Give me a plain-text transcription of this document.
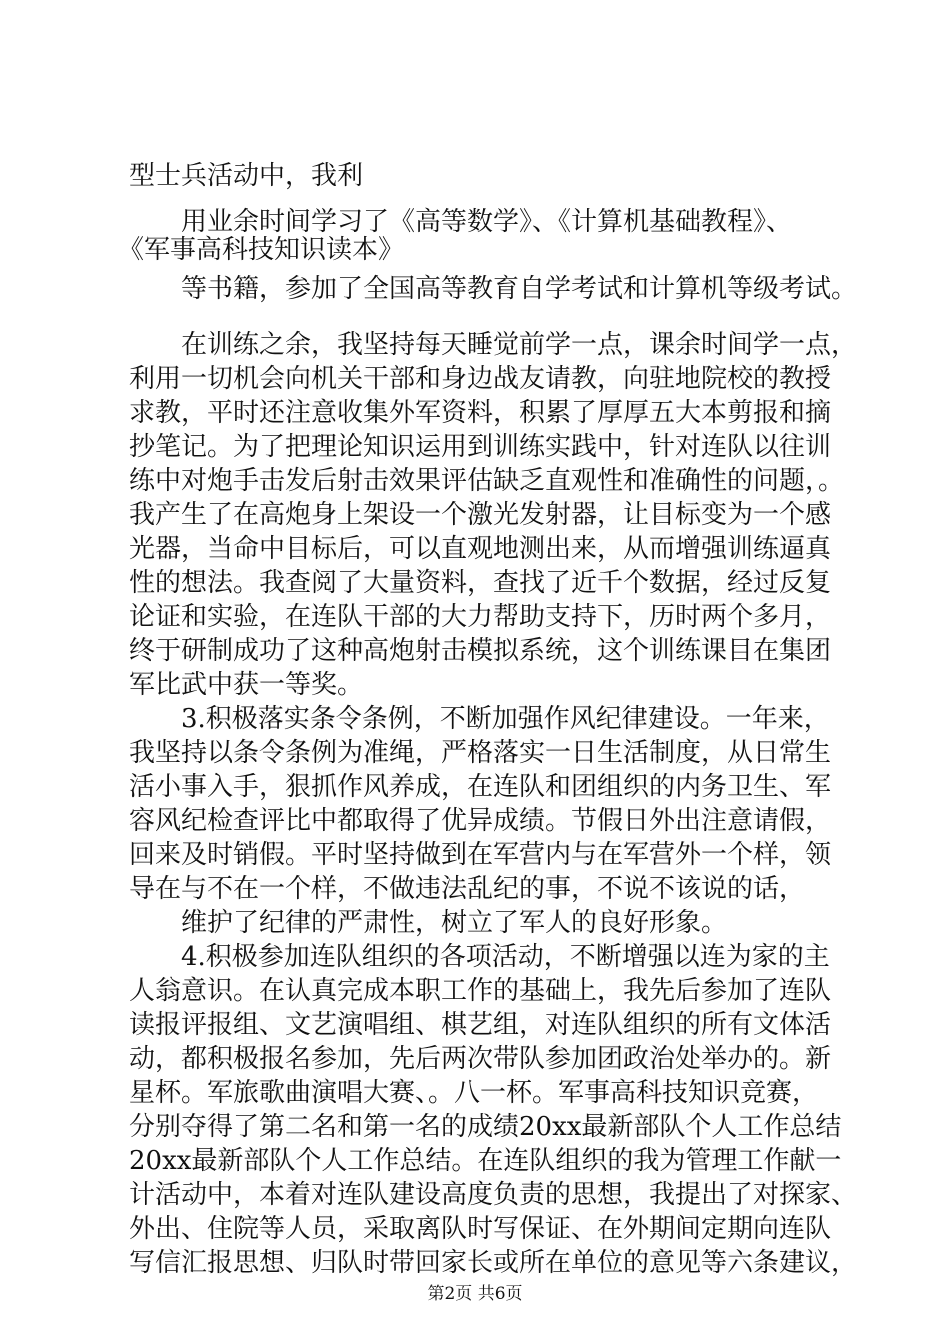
型士兵活动中，我利
用业余时间学习了《高等数学》、《计算机基础教程》、
《军事高科技知识读本》
等书籍，参加了全国高等教育自学考试和计算机等级考试。
在训练之余，我坚持每天睡觉前学一点，课余时间学一点，
利用一切机会向机关干部和身边战友请教，向驻地院校的教授
求教，平时还注意收集外军资料，积累了厚厚五大本剪报和摘
抄笔记。为了把理论知识运用到训练实践中，针对连队以往训
练中对炮手击发后射击效果评估缺乏直观性和准确性的问题，。
我产生了在高炮身上架设一个激光发射器，让目标变为一个感
光器，当命中目标后，可以直观地测出来，从而增强训练逼真
性的想法。我查阅了大量资料，查找了近千个数据，经过反复
论证和实验，在连队干部的大力帮助支持下，历时两个多月，
终于研制成功了这种高炮射击模拟系统，这个训练课目在集团
军比武中获一等奖。
3.积极落实条令条例，不断加强作风纪律建设。一年来，
我坚持以条令条例为准绳，严格落实一日生活制度，从日常生
活小事入手，狠抓作风养成，在连队和团组织的内务卫生、军
容风纪检查评比中都取得了优异成绩。节假日外出注意请假，
回来及时销假。平时坚持做到在军营内与在军营外一个样，领
导在与不在一个样，不做违法乱纪的事，不说不该说的话，
维护了纪律的严肃性，树立了军人的良好形象。
4.积极参加连队组织的各项活动，不断增强以连为家的主
人翁意识。在认真完成本职工作的基础上，我先后参加了连队
读报评报组、文艺演唱组、棋艺组，对连队组织的所有文体活
动，都积极报名参加，先后两次带队参加团政治处举办的。新
星杯。军旅歌曲演唱大赛、。八一杯。军事高科技知识竞赛，
分别夺得了第二名和第一名的成绩20xx最新部队个人工作总结
20xx最新部队个人工作总结。在连队组织的我为管理工作献一
计活动中，本着对连队建设高度负责的思想，我提出了对探家、
外出、住院等人员，采取离队时写保证、在外期间定期向连队
写信汇报思想、归队时带回家长或所在单位的意见等六条建议，
第2页 共6页
